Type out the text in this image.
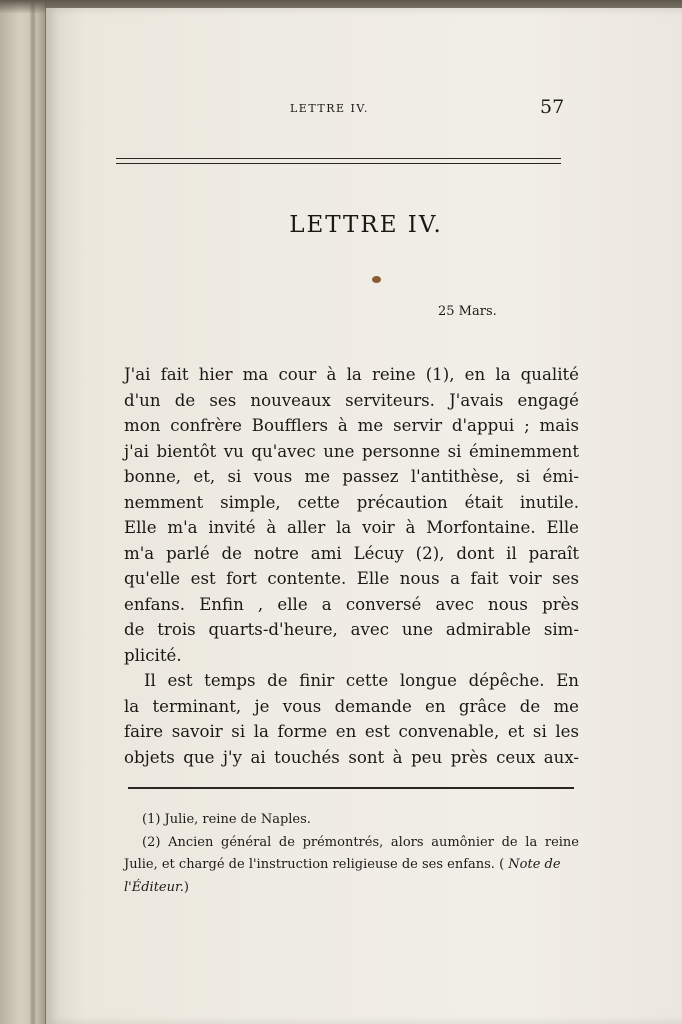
LETTRE IV.	57
LETTRE IV.
25 Mars.
J'ai fait hier ma cour à la reine (1), en la qualité
d'un de ses nouveaux serviteurs. J'avais engagé
mon confrère Boufflers à me servir d'appui ; mais
j'ai bientôt vu qu'avec une personne si éminemment
bonne, et, si vous me passez l'antithèse, si émi-
nemment simple, cette précaution était inutile.
Elle m'a invité à aller la voir à Morfontaine. Elle
m'a parlé de notre ami Lécuy (2), dont il paraît
qu'elle est fort contente. Elle nous a fait voir ses
enfans. Enfin , elle a conversé avec nous près
de trois quarts-d'heure, avec une admirable sim-
plicité.
Il est temps de finir cette longue dépêche. En
la terminant, je vous demande en grâce de me
faire savoir si la forme en est convenable, et si les
objets que j'y ai touchés sont à peu près ceux aux-
(1) Julie, reine de Naples.
(2) Ancien général de prémontrés, alors aumônier de la reine
Julie, et chargé de l'instruction religieuse de ses enfans. ( Note de
l'Éditeur.)
